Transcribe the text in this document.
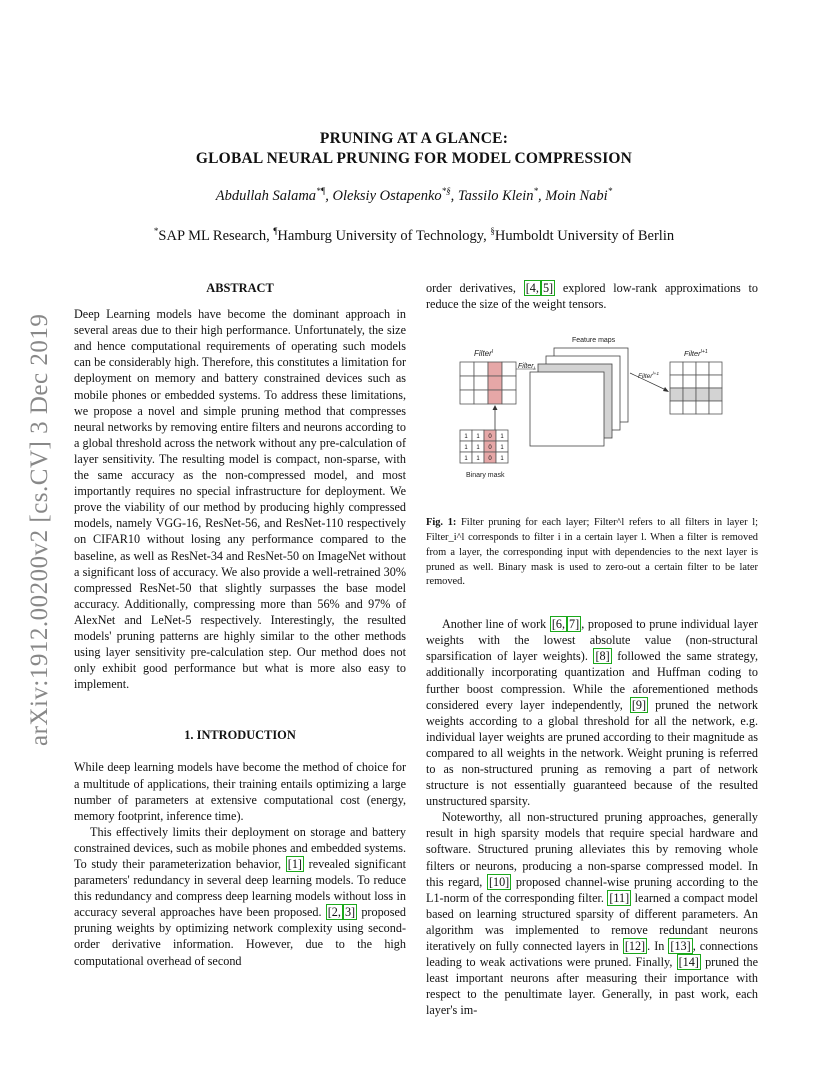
arXiv:1912.00200v2 [cs.CV] 3 Dec 2019
PRUNING AT A GLANCE:
GLOBAL NEURAL PRUNING FOR MODEL COMPRESSION
Abdullah Salama*¶, Oleksiy Ostapenko*§, Tassilo Klein*, Moin Nabi*
*SAP ML Research, ¶Hamburg University of Technology, §Humboldt University of Berlin
ABSTRACT

Deep Learning models have become the dominant approach in several areas due to their high performance. Unfortunately, the size and hence computational requirements of operating such models can be considerably high. Therefore, this constitutes a limitation for deployment on memory and battery constrained devices such as mobile phones or embedded systems. To address these limitations, we propose a novel and simple pruning method that compresses neural networks by removing entire filters and neurons according to a global threshold across the network without any pre-calculation of layer sensitivity. The resulting model is compact, non-sparse, with the same accuracy as the non-compressed model, and most importantly requires no special infrastructure for deployment. We prove the viability of our method by producing highly compressed models, namely VGG-16, ResNet-56, and ResNet-110 respectively on CIFAR10 without losing any performance compared to the baseline, as well as ResNet-34 and ResNet-50 on ImageNet without a significant loss of accuracy. We also provide a well-retrained 30% compressed ResNet-50 that slightly surpasses the base model accuracy. Additionally, compressing more than 56% and 97% of AlexNet and LeNet-5 respectively. Interestingly, the resulted models' pruning patterns are highly similar to the other methods using layer sensitivity pre-calculation step. Our method does not only exhibit good performance but what is more also easy to implement.

1. INTRODUCTION

While deep learning models have become the method of choice for a multitude of applications, their training entails optimizing a large number of parameters at extensive computational cost (energy, memory footprint, inference time).

This effectively limits their deployment on storage and battery constrained devices, such as mobile phones and embedded systems. To study their parameterization behavior, [1] revealed significant parameters' redundancy in several deep learning models. To reduce this redundancy and compress deep learning models without loss in accuracy several approaches have been proposed. [2, 3] proposed pruning weights by optimizing network complexity using second-order derivative information. However, due to the high computational overhead of second

order derivatives, [4, 5] explored low-rank approximations to reduce the size of the weight tensors.

Filter$^l$
Filter
1 1 0 1
1 1 0 1
1 1 0 1
Binary mask
Feature maps
Filter$^{l+1}$
Filter$^{l+1}$

Fig. 1: Filter pruning for each layer; Filter^l refers to all filters in layer l; Filter_i^l corresponds to filter i in a certain layer l. When a filter is removed from a layer, the corresponding input with dependencies to the next layer is pruned as well. Binary mask is used to zero-out a certain filter to be later removed.

Another line of work [6, 7] , proposed to prune individual layer weights with the lowest absolute value (non-structural sparsification of layer weights). [8] followed the same strategy, additionally incorporating quantization and Huffman coding to further boost compression. While the aforementioned methods considered every layer independently, [9] pruned the network weights according to a global threshold for all the network, e.g. individual layer weights are pruned according to their magnitude as compared to all weights in the network. Weight pruning is referred to as non-structured pruning as removing a part of network structure is not essentially guaranteed because of the resulted unstructured sparsity.

Noteworthy, all non-structured pruning approaches, generally result in high sparsity models that require special hardware and software. Structured pruning alleviates this by removing whole filters or neurons, producing a non-sparse compressed model. In this regard, [10] proposed channel-wise pruning according to the L1-norm of the corresponding filter. [11] learned a compact model based on learning structured sparsity of different parameters. An algorithm was implemented to remove redundant neurons iteratively on fully connected layers in [12] . In [13] , connections leading to weak activations were pruned. Finally, [14] pruned the least important neurons after measuring their importance with respect to the penultimate layer. Generally, in past work, each layer's im-
